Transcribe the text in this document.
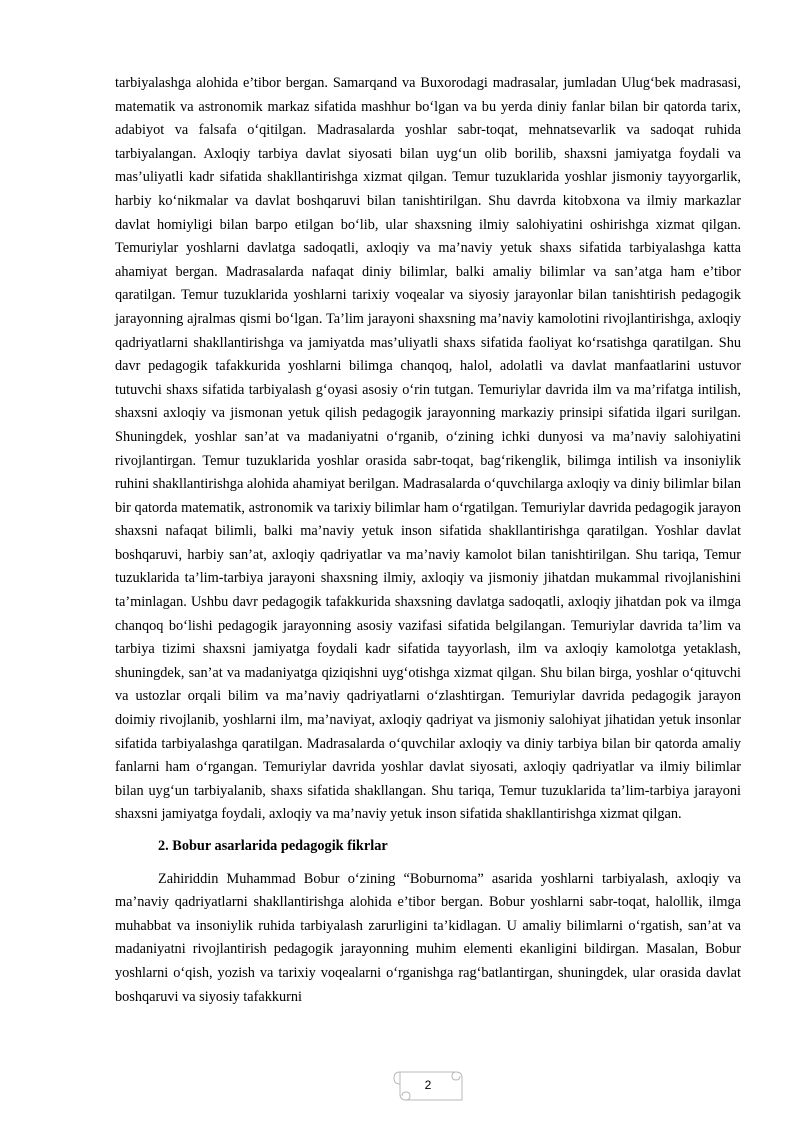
tarbiyalashga alohida e’tibor bergan. Samarqand va Buxorodagi madrasalar, jumladan Ulug‘bek madrasasi, matematik va astronomik markaz sifatida mashhur bo‘lgan va bu yerda diniy fanlar bilan bir qatorda tarix, adabiyot va falsafa o‘qitilgan. Madrasalarda yoshlar sabr-toqat, mehnatsevarlik va sadoqat ruhida tarbiyalangan. Axloqiy tarbiya davlat siyosati bilan uyg‘un olib borilib, shaxsni jamiyatga foydali va mas’uliyatli kadr sifatida shakllantirishga xizmat qilgan. Temur tuzuklarida yoshlar jismoniy tayyorgarlik, harbiy ko‘nikmalar va davlat boshqaruvi bilan tanishtirilgan. Shu davrda kitobxona va ilmiy markazlar davlat homiyligi bilan barpo etilgan bo‘lib, ular shaxsning ilmiy salohiyatini oshirishga xizmat qilgan. Temuriylar yoshlarni davlatga sadoqatli, axloqiy va ma’naviy yetuk shaxs sifatida tarbiyalashga katta ahamiyat bergan. Madrasalarda nafaqat diniy bilimlar, balki amaliy bilimlar va san’atga ham e’tibor qaratilgan. Temur tuzuklarida yoshlarni tarixiy voqealar va siyosiy jarayonlar bilan tanishtirish pedagogik jarayonning ajralmas qismi bo‘lgan. Ta’lim jarayoni shaxsning ma’naviy kamolotini rivojlantirishga, axloqiy qadriyatlarni shakllantirishga va jamiyatda mas’uliyatli shaxs sifatida faoliyat ko‘rsatishga qaratilgan. Shu davr pedagogik tafakkurida yoshlarni bilimga chanqoq, halol, adolatli va davlat manfaatlarini ustuvor tutuvchi shaxs sifatida tarbiyalash g‘oyasi asosiy o‘rin tutgan. Temuriylar davrida ilm va ma’rifatga intilish, shaxsni axloqiy va jismonan yetuk qilish pedagogik jarayonning markaziy prinsipi sifatida ilgari surilgan. Shuningdek, yoshlar san’at va madaniyatni o‘rganib, o‘zining ichki dunyosi va ma’naviy salohiyatini rivojlantirgan. Temur tuzuklarida yoshlar orasida sabr-toqat, bag‘rikenglik, bilimga intilish va insoniylik ruhini shakllantirishga alohida ahamiyat berilgan. Madrasalarda o‘quvchilarga axloqiy va diniy bilimlar bilan bir qatorda matematik, astronomik va tarixiy bilimlar ham o‘rgatilgan. Temuriylar davrida pedagogik jarayon shaxsni nafaqat bilimli, balki ma’naviy yetuk inson sifatida shakllantirishga qaratilgan. Yoshlar davlat boshqaruvi, harbiy san’at, axloqiy qadriyatlar va ma’naviy kamolot bilan tanishtirilgan. Shu tariqa, Temur tuzuklarida ta’lim-tarbiya jarayoni shaxsning ilmiy, axloqiy va jismoniy jihatdan mukammal rivojlanishini ta’minlagan. Ushbu davr pedagogik tafakkurida shaxsning davlatga sadoqatli, axloqiy jihatdan pok va ilmga chanqoq bo‘lishi pedagogik jarayonning asosiy vazifasi sifatida belgilangan. Temuriylar davrida ta’lim va tarbiya tizimi shaxsni jamiyatga foydali kadr sifatida tayyorlash, ilm va axloqiy kamolotga yetaklash, shuningdek, san’at va madaniyatga qiziqishni uyg‘otishga xizmat qilgan. Shu bilan birga, yoshlar o‘qituvchi va ustozlar orqali bilim va ma’naviy qadriyatlarni o‘zlashtirgan. Temuriylar davrida pedagogik jarayon doimiy rivojlanib, yoshlarni ilm, ma’naviyat, axloqiy qadriyat va jismoniy salohiyat jihatidan yetuk insonlar sifatida tarbiyalashga qaratilgan. Madrasalarda o‘quvchilar axloqiy va diniy tarbiya bilan bir qatorda amaliy fanlarni ham o‘rgangan. Temuriylar davrida yoshlar davlat siyosati, axloqiy qadriyatlar va ilmiy bilimlar bilan uyg‘un tarbiyalanib, shaxs sifatida shakllangan. Shu tariqa, Temur tuzuklarida ta’lim-tarbiya jarayoni shaxsni jamiyatga foydali, axloqiy va ma’naviy yetuk inson sifatida shakllantirishga xizmat qilgan.

2. Bobur asarlarida pedagogik fikrlar

Zahiriddin Muhammad Bobur o‘zining “Boburnoma” asarida yoshlarni tarbiyalash, axloqiy va ma’naviy qadriyatlarni shakllantirishga alohida e’tibor bergan. Bobur yoshlarni sabr-toqat, halollik, ilmga muhabbat va insoniylik ruhida tarbiyalash zarurligini ta’kidlagan. U amaliy bilimlarni o‘rgatish, san’at va madaniyatni rivojlantirish pedagogik jarayonning muhim elementi ekanligini bildirgan. Masalan, Bobur yoshlarni o‘qish, yozish va tarixiy voqealarni o‘rganishga rag‘batlantirgan, shuningdek, ular orasida davlat boshqaruvi va siyosiy tafakkurni

2
